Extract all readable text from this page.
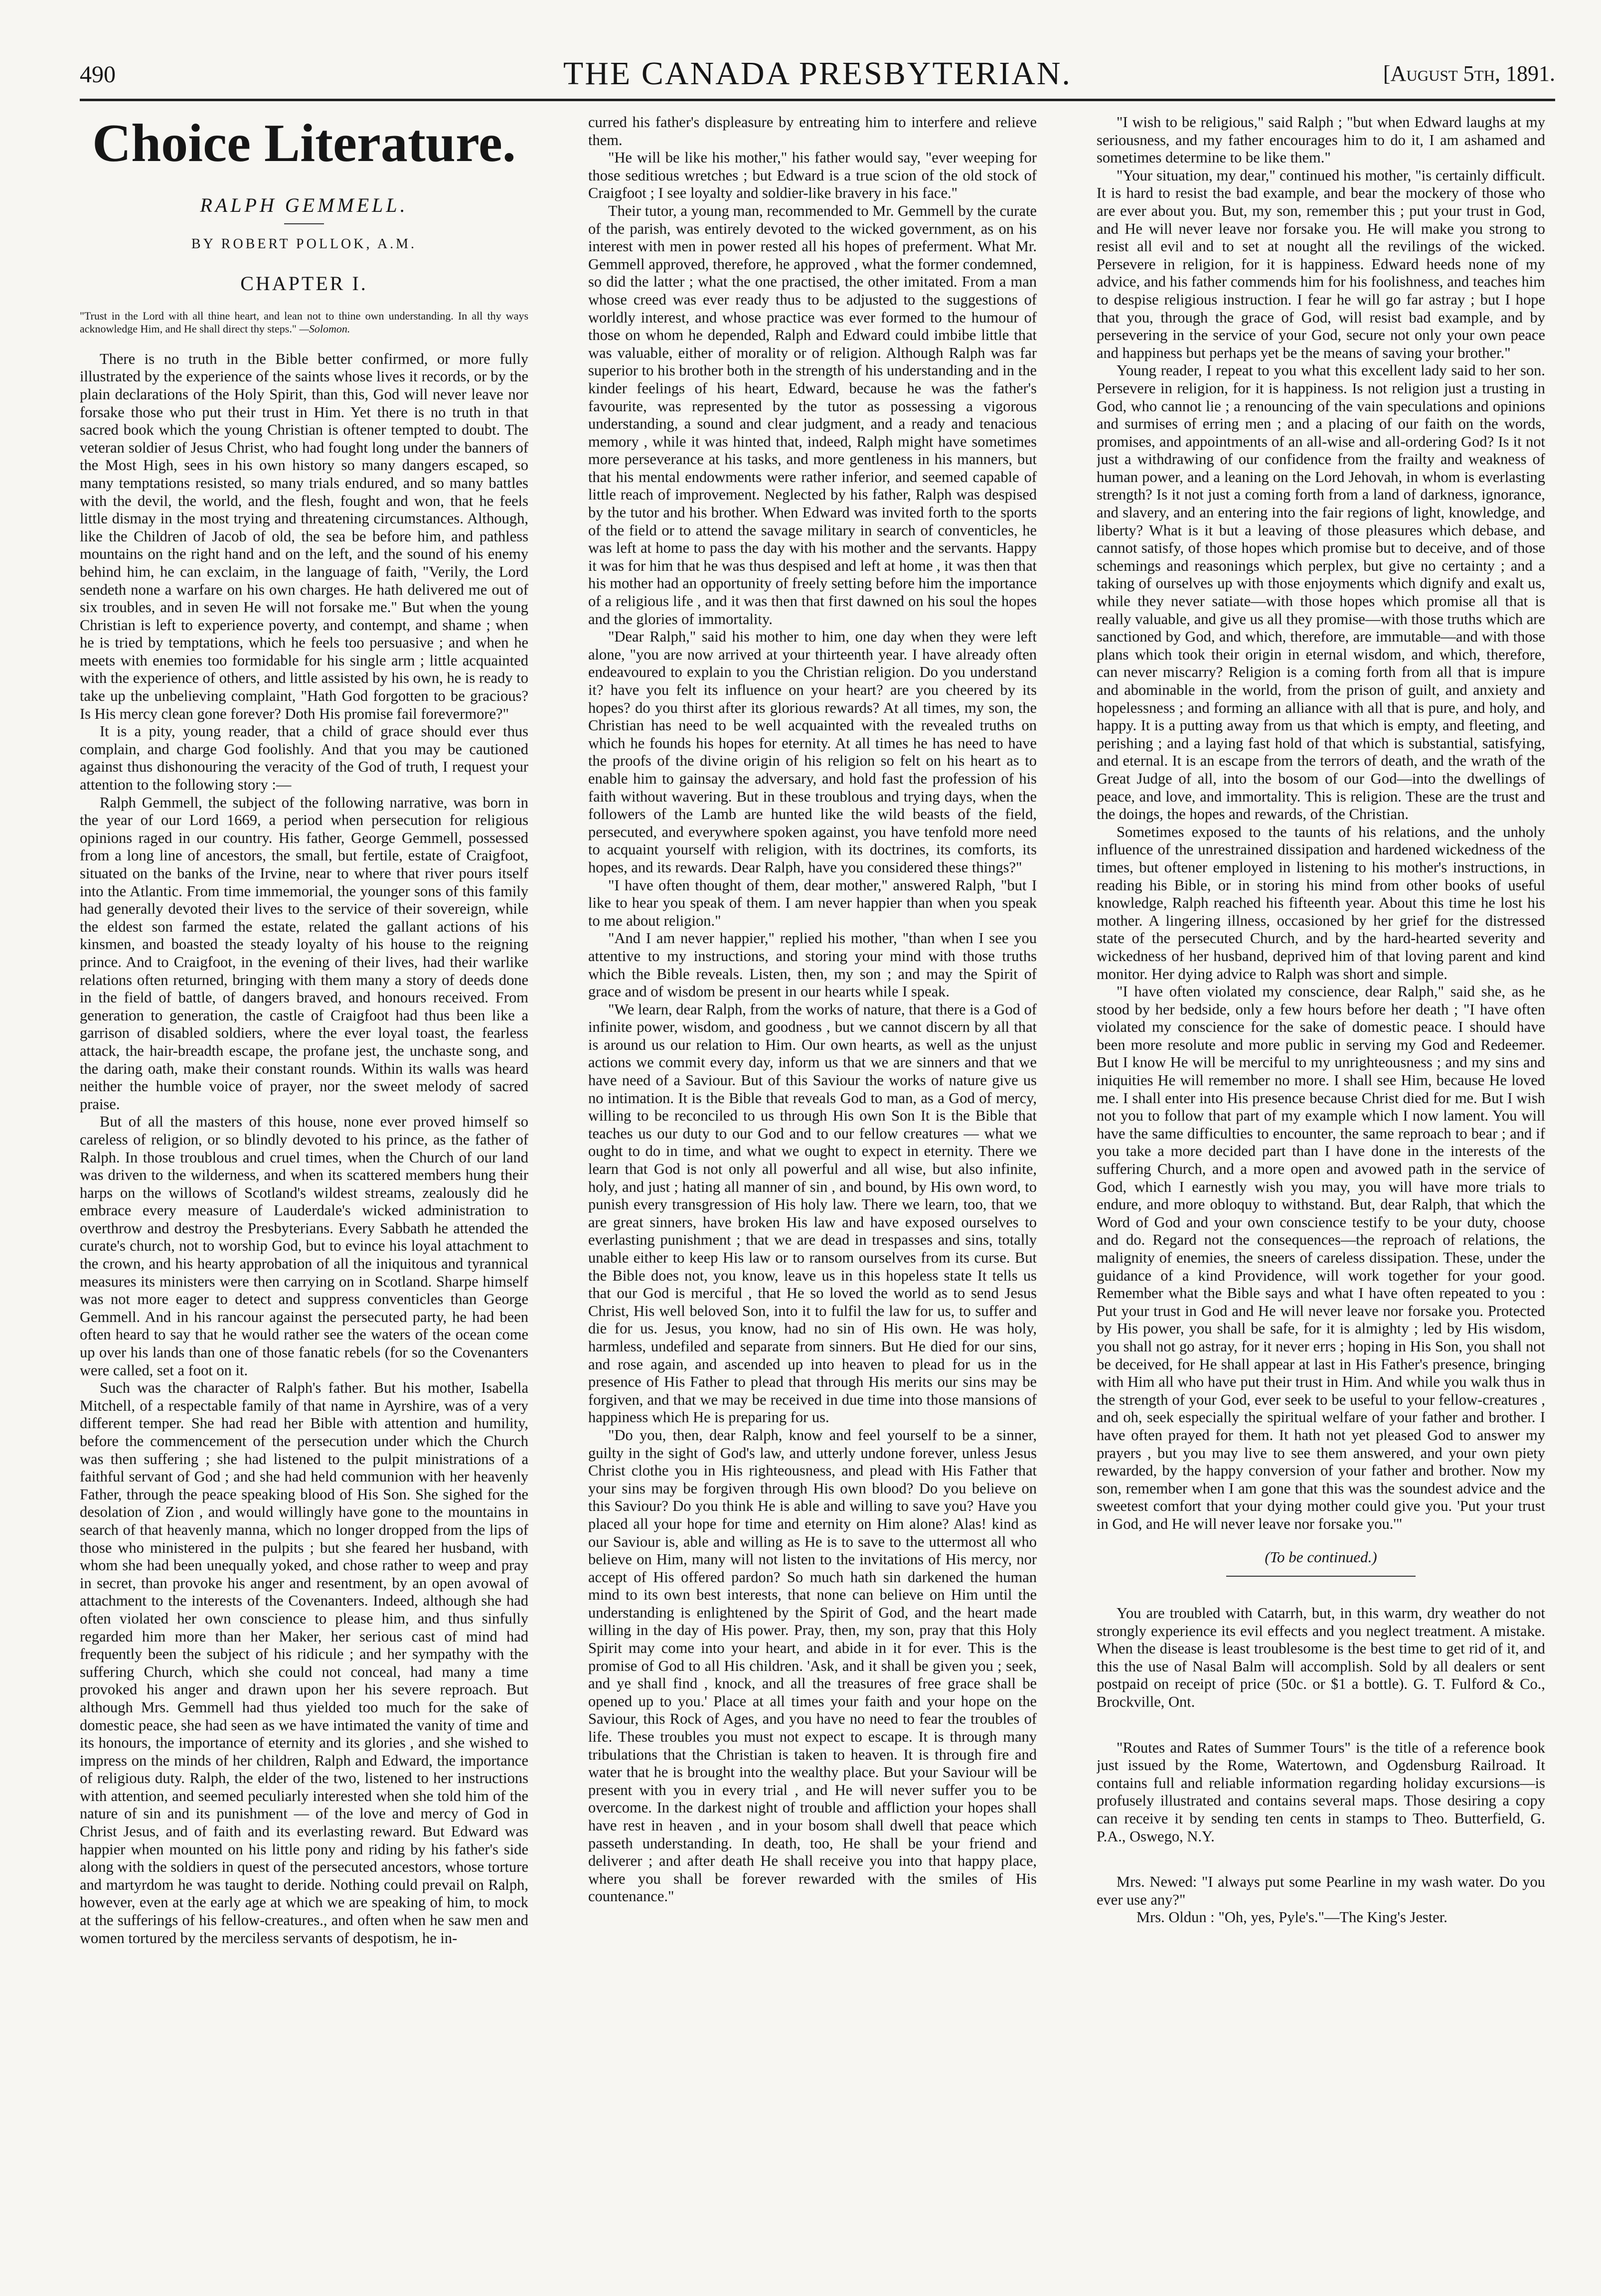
490	THE CANADA PRESBYTERIAN.	[August 5th, 1891.
Choice Literature.
RALPH GEMMELL.
BY ROBERT POLLOK, A.M.
CHAPTER I.
"Trust in the Lord with all thine heart, and lean not to thine own understanding. In all thy ways acknowledge Him, and He shall direct thy steps." —Solomon.

There is no truth in the Bible better confirmed, or more fully illustrated by the experience of the saints whose lives it records, or by the plain declarations of the Holy Spirit, than this, God will never leave nor forsake those who put their trust in Him. Yet there is no truth in that sacred book which the young Christian is oftener tempted to doubt. The veteran soldier of Jesus Christ, who had fought long under the banners of the Most High, sees in his own history so many dangers escaped, so many temptations resisted, so many trials endured, and so many battles with the devil, the world, and the flesh, fought and won, that he feels little dismay in the most trying and threatening circumstances. Although, like the Children of Jacob of old, the sea be before him, and pathless mountains on the right hand and on the left, and the sound of his enemy behind him, he can exclaim, in the language of faith, "Verily, the Lord sendeth none a warfare on his own charges. He hath delivered me out of six troubles, and in seven He will not forsake me." But when the young Christian is left to experience poverty, and contempt, and shame ; when he is tried by temptations, which he feels too persuasive ; and when he meets with enemies too formidable for his single arm ; little acquainted with the experience of others, and little assisted by his own, he is ready to take up the unbelieving complaint, "Hath God forgotten to be gracious? Is His mercy clean gone forever? Doth His promise fail forevermore?"

It is a pity, young reader, that a child of grace should ever thus complain, and charge God foolishly. And that you may be cautioned against thus dishonouring the veracity of the God of truth, I request your attention to the following story :—

Ralph Gemmell, the subject of the following narrative, was born in the year of our Lord 1669, a period when persecution for religious opinions raged in our country. His father, George Gemmell, possessed from a long line of ancestors, the small, but fertile, estate of Craigfoot, situated on the banks of the Irvine, near to where that river pours itself into the Atlantic. From time immemorial, the younger sons of this family had generally devoted their lives to the service of their sovereign, while the eldest son farmed the estate, related the gallant actions of his kinsmen, and boasted the steady loyalty of his house to the reigning prince. And to Craigfoot, in the evening of their lives, had their warlike relations often returned, bringing with them many a story of deeds done in the field of battle, of dangers braved, and honours received. From generation to generation, the castle of Craigfoot had thus been like a garrison of disabled soldiers, where the ever loyal toast, the fearless attack, the hair-breadth escape, the profane jest, the unchaste song, and the daring oath, make their constant rounds. Within its walls was heard neither the humble voice of prayer, nor the sweet melody of sacred praise.

But of all the masters of this house, none ever proved himself so careless of religion, or so blindly devoted to his prince, as the father of Ralph. In those troublous and cruel times, when the Church of our land was driven to the wilderness, and when its scattered members hung their harps on the willows of Scotland's wildest streams, zealously did he embrace every measure of Lauderdale's wicked administration to overthrow and destroy the Presbyterians. Every Sabbath he attended the curate's church, not to worship God, but to evince his loyal attachment to the crown, and his hearty approbation of all the iniquitous and tyrannical measures its ministers were then carrying on in Scotland. Sharpe himself was not more eager to detect and suppress conventicles than George Gemmell. And in his rancour against the persecuted party, he had been often heard to say that he would rather see the waters of the ocean come up over his lands than one of those fanatic rebels (for so the Covenanters were called, set a foot on it.

Such was the character of Ralph's father. But his mother, Isabella Mitchell, of a respectable family of that name in Ayrshire, was of a very different temper. She had read her Bible with attention and humility, before the commencement of the persecution under which the Church was then suffering ; she had listened to the pulpit ministrations of a faithful servant of God ; and she had held communion with her heavenly Father, through the peace speaking blood of His Son. She sighed for the desolation of Zion , and would willingly have gone to the mountains in search of that heavenly manna, which no longer dropped from the lips of those who ministered in the pulpits ; but she feared her husband, with whom she had been unequally yoked, and chose rather to weep and pray in secret, than provoke his anger and resentment, by an open avowal of attachment to the interests of the Covenanters. Indeed, although she had often violated her own conscience to please him, and thus sinfully regarded him more than her Maker, her serious cast of mind had frequently been the subject of his ridicule ; and her sympathy with the suffering Church, which she could not conceal, had many a time provoked his anger and drawn upon her his severe reproach. But although Mrs. Gemmell had thus yielded too much for the sake of domestic peace, she had seen as we have intimated the vanity of time and its honours, the importance of eternity and its glories , and she wished to impress on the minds of her children, Ralph and Edward, the importance of religious duty. Ralph, the elder of the two, listened to her instructions with attention, and seemed peculiarly interested when she told him of the nature of sin and its punishment — of the love and mercy of God in Christ Jesus, and of faith and its everlasting reward. But Edward was happier when mounted on his little pony and riding by his father's side along with the soldiers in quest of the persecuted ancestors, whose torture and martyrdom he was taught to deride. Nothing could prevail on Ralph, however, even at the early age at which we are speaking of him, to mock at the sufferings of his fellow-creatures., and often when he saw men and women tortured by the merciless servants of despotism, he in-

curred his father's displeasure by entreating him to interfere and relieve them.

"He will be like his mother," his father would say, "ever weeping for those seditious wretches ; but Edward is a true scion of the old stock of Craigfoot ; I see loyalty and soldier-like bravery in his face."

Their tutor, a young man, recommended to Mr. Gemmell by the curate of the parish, was entirely devoted to the wicked government, as on his interest with men in power rested all his hopes of preferment. What Mr. Gemmell approved, therefore, he approved , what the former condemned, so did the latter ; what the one practised, the other imitated. From a man whose creed was ever ready thus to be adjusted to the suggestions of worldly interest, and whose practice was ever formed to the humour of those on whom he depended, Ralph and Edward could imbibe little that was valuable, either of morality or of religion. Although Ralph was far superior to his brother both in the strength of his understanding and in the kinder feelings of his heart, Edward, because he was the father's favourite, was represented by the tutor as possessing a vigorous understanding, a sound and clear judgment, and a ready and tenacious memory , while it was hinted that, indeed, Ralph might have sometimes more perseverance at his tasks, and more gentleness in his manners, but that his mental endowments were rather inferior, and seemed capable of little reach of improvement. Neglected by his father, Ralph was despised by the tutor and his brother. When Edward was invited forth to the sports of the field or to attend the savage military in search of conventicles, he was left at home to pass the day with his mother and the servants. Happy it was for him that he was thus despised and left at home , it was then that his mother had an opportunity of freely setting before him the importance of a religious life , and it was then that first dawned on his soul the hopes and the glories of immortality.

"Dear Ralph," said his mother to him, one day when they were left alone, "you are now arrived at your thirteenth year. I have already often endeavoured to explain to you the Christian religion. Do you understand it? have you felt its influence on your heart? are you cheered by its hopes? do you thirst after its glorious rewards? At all times, my son, the Christian has need to be well acquainted with the revealed truths on which he founds his hopes for eternity. At all times he has need to have the proofs of the divine origin of his religion so felt on his heart as to enable him to gainsay the adversary, and hold fast the profession of his faith without wavering. But in these troublous and trying days, when the followers of the Lamb are hunted like the wild beasts of the field, persecuted, and everywhere spoken against, you have tenfold more need to acquaint yourself with religion, with its doctrines, its comforts, its hopes, and its rewards. Dear Ralph, have you considered these things?"

"I have often thought of them, dear mother," answered Ralph, "but I like to hear you speak of them. I am never happier than when you speak to me about religion."

"And I am never happier," replied his mother, "than when I see you attentive to my instructions, and storing your mind with those truths which the Bible reveals. Listen, then, my son ; and may the Spirit of grace and of wisdom be present in our hearts while I speak.

"We learn, dear Ralph, from the works of nature, that there is a God of infinite power, wisdom, and goodness , but we cannot discern by all that is around us our relation to Him. Our own hearts, as well as the unjust actions we commit every day, inform us that we are sinners and that we have need of a Saviour. But of this Saviour the works of nature give us no intimation. It is the Bible that reveals God to man, as a God of mercy, willing to be reconciled to us through His own Son It is the Bible that teaches us our duty to our God and to our fellow creatures — what we ought to do in time, and what we ought to expect in eternity. There we learn that God is not only all powerful and all wise, but also infinite, holy, and just ; hating all manner of sin , and bound, by His own word, to punish every transgression of His holy law. There we learn, too, that we are great sinners, have broken His law and have exposed ourselves to everlasting punishment ; that we are dead in trespasses and sins, totally unable either to keep His law or to ransom ourselves from its curse. But the Bible does not, you know, leave us in this hopeless state It tells us that our God is merciful , that He so loved the world as to send Jesus Christ, His well beloved Son, into it to fulfil the law for us, to suffer and die for us. Jesus, you know, had no sin of His own. He was holy, harmless, undefiled and separate from sinners. But He died for our sins, and rose again, and ascended up into heaven to plead for us in the presence of His Father to plead that through His merits our sins may be forgiven, and that we may be received in due time into those mansions of happiness which He is preparing for us.

"Do you, then, dear Ralph, know and feel yourself to be a sinner, guilty in the sight of God's law, and utterly undone forever, unless Jesus Christ clothe you in His righteousness, and plead with His Father that your sins may be forgiven through His own blood? Do you believe on this Saviour? Do you think He is able and willing to save you? Have you placed all your hope for time and eternity on Him alone? Alas! kind as our Saviour is, able and willing as He is to save to the uttermost all who believe on Him, many will not listen to the invitations of His mercy, nor accept of His offered pardon? So much hath sin darkened the human mind to its own best interests, that none can believe on Him until the understanding is enlightened by the Spirit of God, and the heart made willing in the day of His power. Pray, then, my son, pray that this Holy Spirit may come into your heart, and abide in it for ever. This is the promise of God to all His children. 'Ask, and it shall be given you ; seek, and ye shall find , knock, and all the treasures of free grace shall be opened up to you.' Place at all times your faith and your hope on the Saviour, this Rock of Ages, and you have no need to fear the troubles of life. These troubles you must not expect to escape. It is through many tribulations that the Christian is taken to heaven. It is through fire and water that he is brought into the wealthy place. But your Saviour will be present with you in every trial , and He will never suffer you to be overcome. In the darkest night of trouble and affliction your hopes shall have rest in heaven , and in your bosom shall dwell that peace which passeth understanding. In death, too, He shall be your friend and deliverer ; and after death He shall receive you into that happy place, where you shall be forever rewarded with the smiles of His countenance."

"I wish to be religious," said Ralph ; "but when Edward laughs at my seriousness, and my father encourages him to do it, I am ashamed and sometimes determine to be like them."

"Your situation, my dear," continued his mother, "is certainly difficult. It is hard to resist the bad example, and bear the mockery of those who are ever about you. But, my son, remember this ; put your trust in God, and He will never leave nor forsake you. He will make you strong to resist all evil and to set at nought all the revilings of the wicked. Persevere in religion, for it is happiness. Edward heeds none of my advice, and his father commends him for his foolishness, and teaches him to despise religious instruction. I fear he will go far astray ; but I hope that you, through the grace of God, will resist bad example, and by persevering in the service of your God, secure not only your own peace and happiness but perhaps yet be the means of saving your brother."

Young reader, I repeat to you what this excellent lady said to her son. Persevere in religion, for it is happiness. Is not religion just a trusting in God, who cannot lie ; a renouncing of the vain speculations and opinions and surmises of erring men ; and a placing of our faith on the words, promises, and appointments of an all-wise and all-ordering God? Is it not just a withdrawing of our confidence from the frailty and weakness of human power, and a leaning on the Lord Jehovah, in whom is everlasting strength? Is it not just a coming forth from a land of darkness, ignorance, and slavery, and an entering into the fair regions of light, knowledge, and liberty? What is it but a leaving of those pleasures which debase, and cannot satisfy, of those hopes which promise but to deceive, and of those schemings and reasonings which perplex, but give no certainty ; and a taking of ourselves up with those enjoyments which dignify and exalt us, while they never satiate—with those hopes which promise all that is really valuable, and give us all they promise—with those truths which are sanctioned by God, and which, therefore, are immutable—and with those plans which took their origin in eternal wisdom, and which, therefore, can never miscarry? Religion is a coming forth from all that is impure and abominable in the world, from the prison of guilt, and anxiety and hopelessness ; and forming an alliance with all that is pure, and holy, and happy. It is a putting away from us that which is empty, and fleeting, and perishing ; and a laying fast hold of that which is substantial, satisfying, and eternal. It is an escape from the terrors of death, and the wrath of the Great Judge of all, into the bosom of our God—into the dwellings of peace, and love, and immortality. This is religion. These are the trust and the doings, the hopes and rewards, of the Christian.

Sometimes exposed to the taunts of his relations, and the unholy influence of the unrestrained dissipation and hardened wickedness of the times, but oftener employed in listening to his mother's instructions, in reading his Bible, or in storing his mind from other books of useful knowledge, Ralph reached his fifteenth year. About this time he lost his mother. A lingering illness, occasioned by her grief for the distressed state of the persecuted Church, and by the hard-hearted severity and wickedness of her husband, deprived him of that loving parent and kind monitor. Her dying advice to Ralph was short and simple.

"I have often violated my conscience, dear Ralph," said she, as he stood by her bedside, only a few hours before her death ; "I have often violated my conscience for the sake of domestic peace. I should have been more resolute and more public in serving my God and Redeemer. But I know He will be merciful to my unrighteousness ; and my sins and iniquities He will remember no more. I shall see Him, because He loved me. I shall enter into His presence because Christ died for me. But I wish not you to follow that part of my example which I now lament. You will have the same difficulties to encounter, the same reproach to bear ; and if you take a more decided part than I have done in the interests of the suffering Church, and a more open and avowed path in the service of God, which I earnestly wish you may, you will have more trials to endure, and more obloquy to withstand. But, dear Ralph, that which the Word of God and your own conscience testify to be your duty, choose and do. Regard not the consequences—the reproach of relations, the malignity of enemies, the sneers of careless dissipation. These, under the guidance of a kind Providence, will work together for your good. Remember what the Bible says and what I have often repeated to you : Put your trust in God and He will never leave nor forsake you. Protected by His power, you shall be safe, for it is almighty ; led by His wisdom, you shall not go astray, for it never errs ; hoping in His Son, you shall not be deceived, for He shall appear at last in His Father's presence, bringing with Him all who have put their trust in Him. And while you walk thus in the strength of your God, ever seek to be useful to your fellow-creatures , and oh, seek especially the spiritual welfare of your father and brother. I have often prayed for them. It hath not yet pleased God to answer my prayers , but you may live to see them answered, and your own piety rewarded, by the happy conversion of your father and brother. Now my son, remember when I am gone that this was the soundest advice and the sweetest comfort that your dying mother could give you. 'Put your trust in God, and He will never leave nor forsake you.'"

(To be continued.)

You are troubled with Catarrh, but, in this warm, dry weather do not strongly experience its evil effects and you neglect treatment. A mistake. When the disease is least troublesome is the best time to get rid of it, and this the use of Nasal Balm will accomplish. Sold by all dealers or sent postpaid on receipt of price (50c. or $1 a bottle). G. T. Fulford & Co., Brockville, Ont.

"Routes and Rates of Summer Tours" is the title of a reference book just issued by the Rome, Watertown, and Ogdensburg Railroad. It contains full and reliable information regarding holiday excursions—is profusely illustrated and contains several maps. Those desiring a copy can receive it by sending ten cents in stamps to Theo. Butterfield, G. P.A., Oswego, N.Y.

Mrs. Newed: "I always put some Pearline in my wash water. Do you ever use any?"

Mrs. Oldun : "Oh, yes, Pyle's."—The King's Jester.
